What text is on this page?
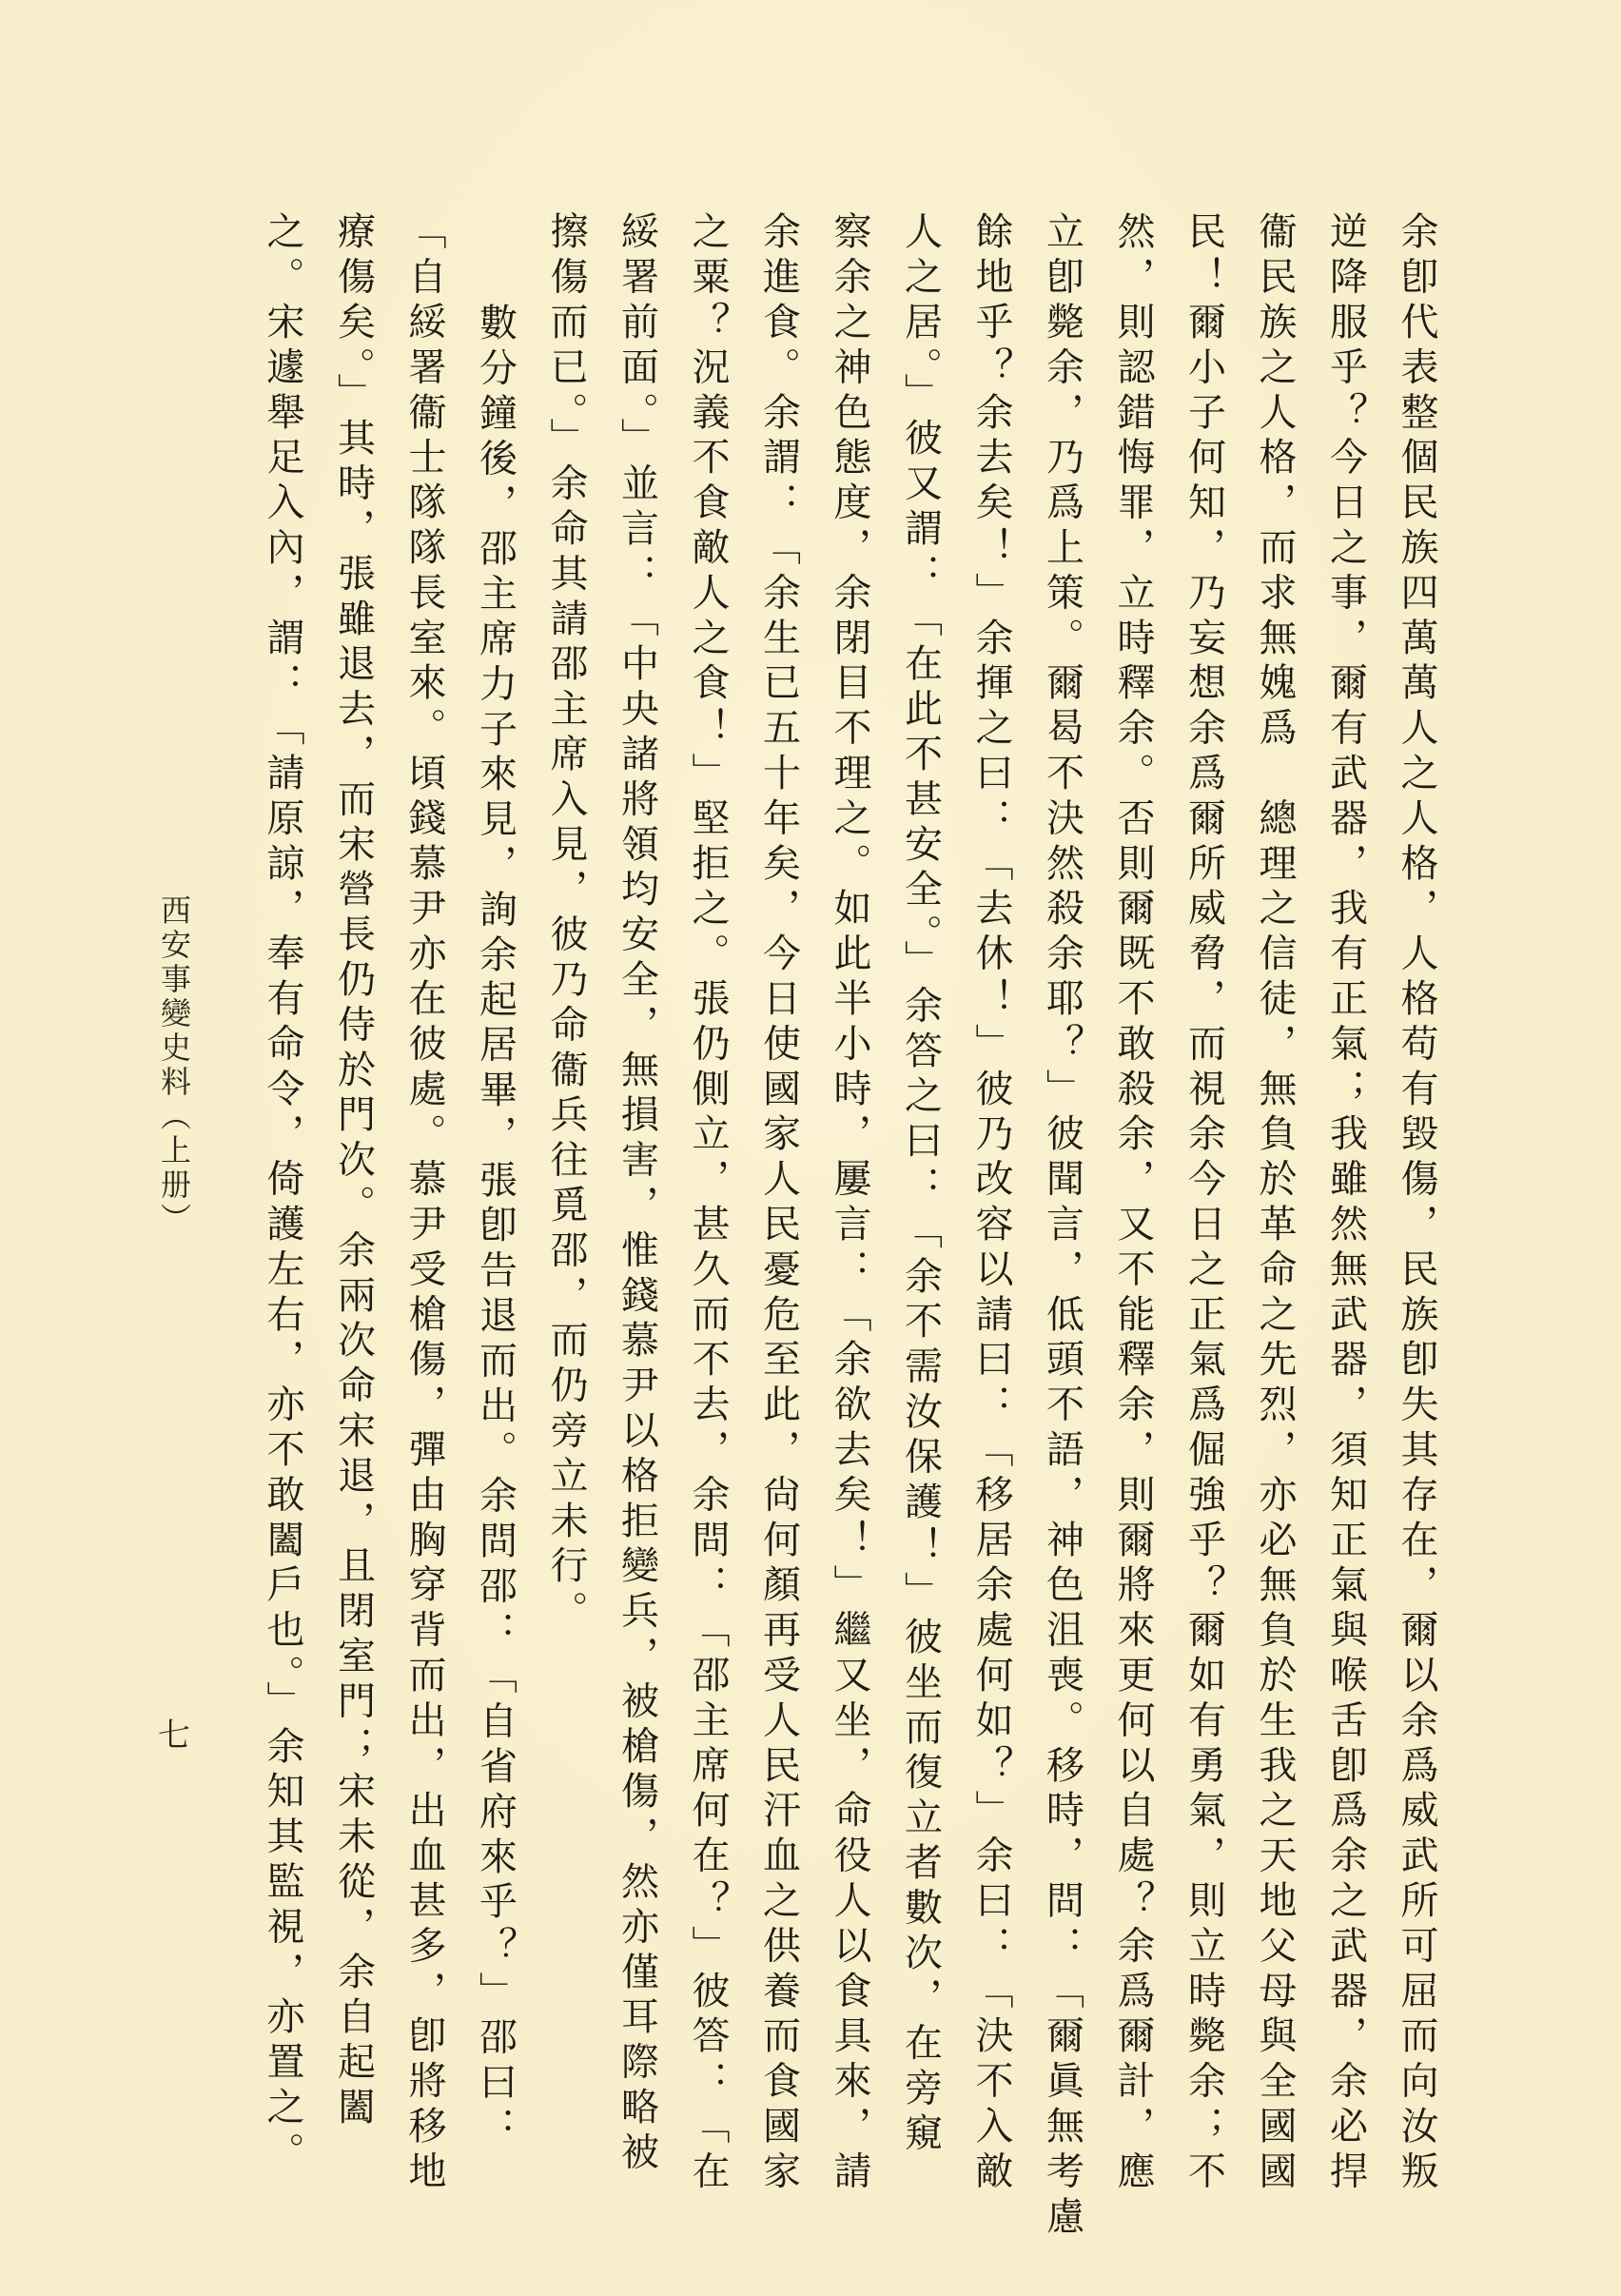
余卽代表整個民族四萬萬人之人格，人格苟有毀傷，民族卽失其存在，爾以余爲威武所可屈而向汝叛
逆降服乎？今日之事，爾有武器，我有正氣；我雖然無武器，須知正氣與喉舌卽爲余之武器，余必捍
衞民族之人格，而求無媿爲　總理之信徒，無負於革命之先烈，亦必無負於生我之天地父母與全國國
民！爾小子何知，乃妄想余爲爾所威脅，而視余今日之正氣爲倔強乎？爾如有勇氣，則立時斃余；不
然，則認錯悔罪，立時釋余。否則爾既不敢殺余，又不能釋余，則爾將來更何以自處？余爲爾計，應
立卽斃余，乃爲上策。爾曷不決然殺余耶？」彼聞言，低頭不語，神色沮喪。移時，問：「爾眞無考慮
餘地乎？余去矣！」余揮之曰：「去休！」彼乃改容以請曰：「移居余處何如？」余曰：「決不入敵
人之居。」彼又謂：「在此不甚安全。」余答之曰：「余不需汝保護！」彼坐而復立者數次，在旁窺
察余之神色態度，余閉目不理之。如此半小時，屢言：「余欲去矣！」繼又坐，命役人以食具來，請
余進食。余謂：「余生已五十年矣，今日使國家人民憂危至此，尙何顏再受人民汗血之供養而食國家
之粟？況義不食敵人之食！」堅拒之。張仍側立，甚久而不去，余問：「邵主席何在？」彼答：「在
綏署前面。」並言：「中央諸將領均安全，無損害，惟錢慕尹以格拒變兵，被槍傷，然亦僅耳際略被
擦傷而已。」余命其請邵主席入見，彼乃命衞兵往覓邵，而仍旁立未行。
數分鐘後，邵主席力子來見，詢余起居畢，張卽告退而出。余問邵：「自省府來乎？」邵曰：
「自綏署衞士隊隊長室來。頃錢慕尹亦在彼處。慕尹受槍傷，彈由胸穿背而出，出血甚多，卽將移地
療傷矣。」其時，張雖退去，而宋營長仍侍於門次。余兩次命宋退，且閉室門；宋未從，余自起闔
之。宋遽舉足入內，謂：「請原諒，奉有命令，倚護左右，亦不敢闔戶也。」余知其監視，亦置之。
西安事變史料（上册）
七
